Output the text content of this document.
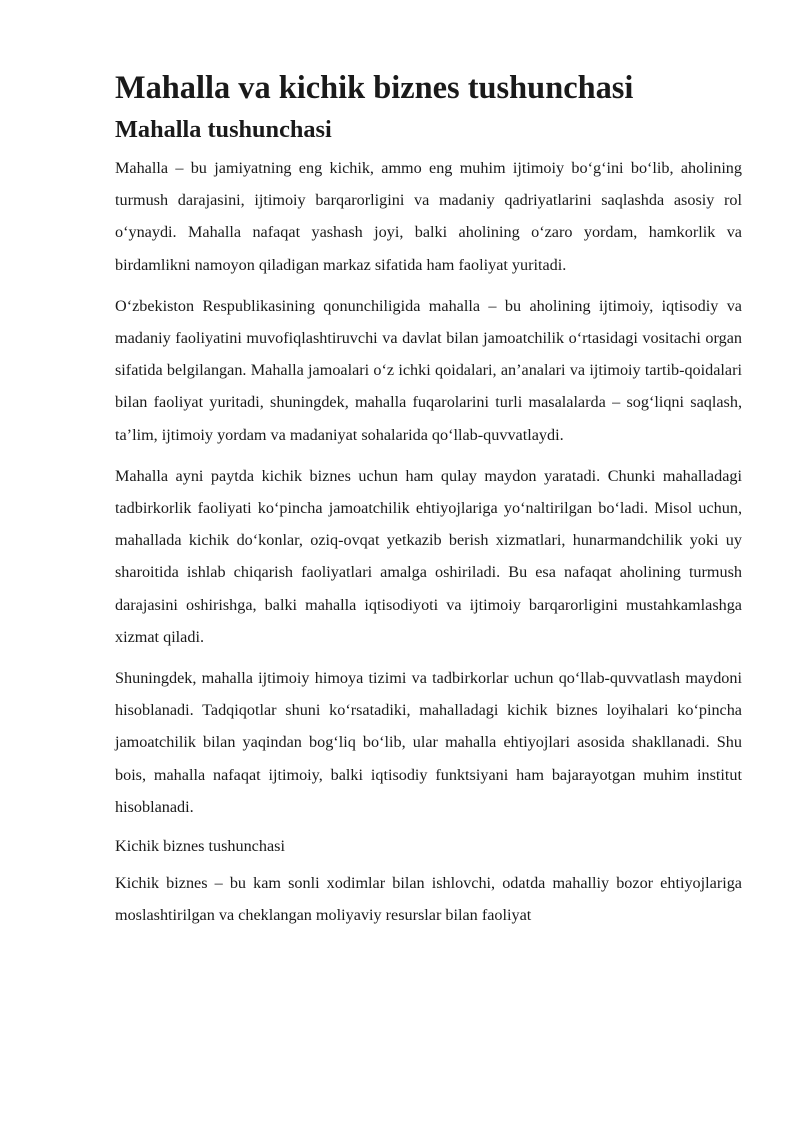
Mahalla va kichik biznes tushunchasi
Mahalla tushunchasi

Mahalla – bu jamiyatning eng kichik, ammo eng muhim ijtimoiy bo‘g‘ini bo‘lib, aholining turmush darajasini, ijtimoiy barqarorligini va madaniy qadriyatlarini saqlashda asosiy rol o‘ynaydi. Mahalla nafaqat yashash joyi, balki aholining o‘zaro yordam, hamkorlik va birdamlikni namoyon qiladigan markaz sifatida ham faoliyat yuritadi.

O‘zbekiston Respublikasining qonunchiligida mahalla – bu aholining ijtimoiy, iqtisodiy va madaniy faoliyatini muvofiqlashtiruvchi va davlat bilan jamoatchilik o‘rtasidagi vositachi organ sifatida belgilangan. Mahalla jamoalari o‘z ichki qoidalari, an’analari va ijtimoiy tartib-qoidalari bilan faoliyat yuritadi, shuningdek, mahalla fuqarolarini turli masalalarda – sog‘liqni saqlash, ta’lim, ijtimoiy yordam va madaniyat sohalarida qo‘llab-quvvatlaydi.

Mahalla ayni paytda kichik biznes uchun ham qulay maydon yaratadi. Chunki mahalladagi tadbirkorlik faoliyati ko‘pincha jamoatchilik ehtiyojlariga yo‘naltirilgan bo‘ladi. Misol uchun, mahallada kichik do‘konlar, oziq-ovqat yetkazib berish xizmatlari, hunarmandchilik yoki uy sharoitida ishlab chiqarish faoliyatlari amalga oshiriladi. Bu esa nafaqat aholining turmush darajasini oshirishga, balki mahalla iqtisodiyoti va ijtimoiy barqarorligini mustahkamlashga xizmat qiladi.

Shuningdek, mahalla ijtimoiy himoya tizimi va tadbirkorlar uchun qo‘llab-quvvatlash maydoni hisoblanadi. Tadqiqotlar shuni ko‘rsatadiki, mahalladagi kichik biznes loyihalari ko‘pincha jamoatchilik bilan yaqindan bog‘liq bo‘lib, ular mahalla ehtiyojlari asosida shakllanadi. Shu bois, mahalla nafaqat ijtimoiy, balki iqtisodiy funktsiyani ham bajarayotgan muhim institut hisoblanadi.

Kichik biznes tushunchasi

Kichik biznes – bu kam sonli xodimlar bilan ishlovchi, odatda mahalliy bozor ehtiyojlariga moslashtirilgan va cheklangan moliyaviy resurslar bilan faoliyat
